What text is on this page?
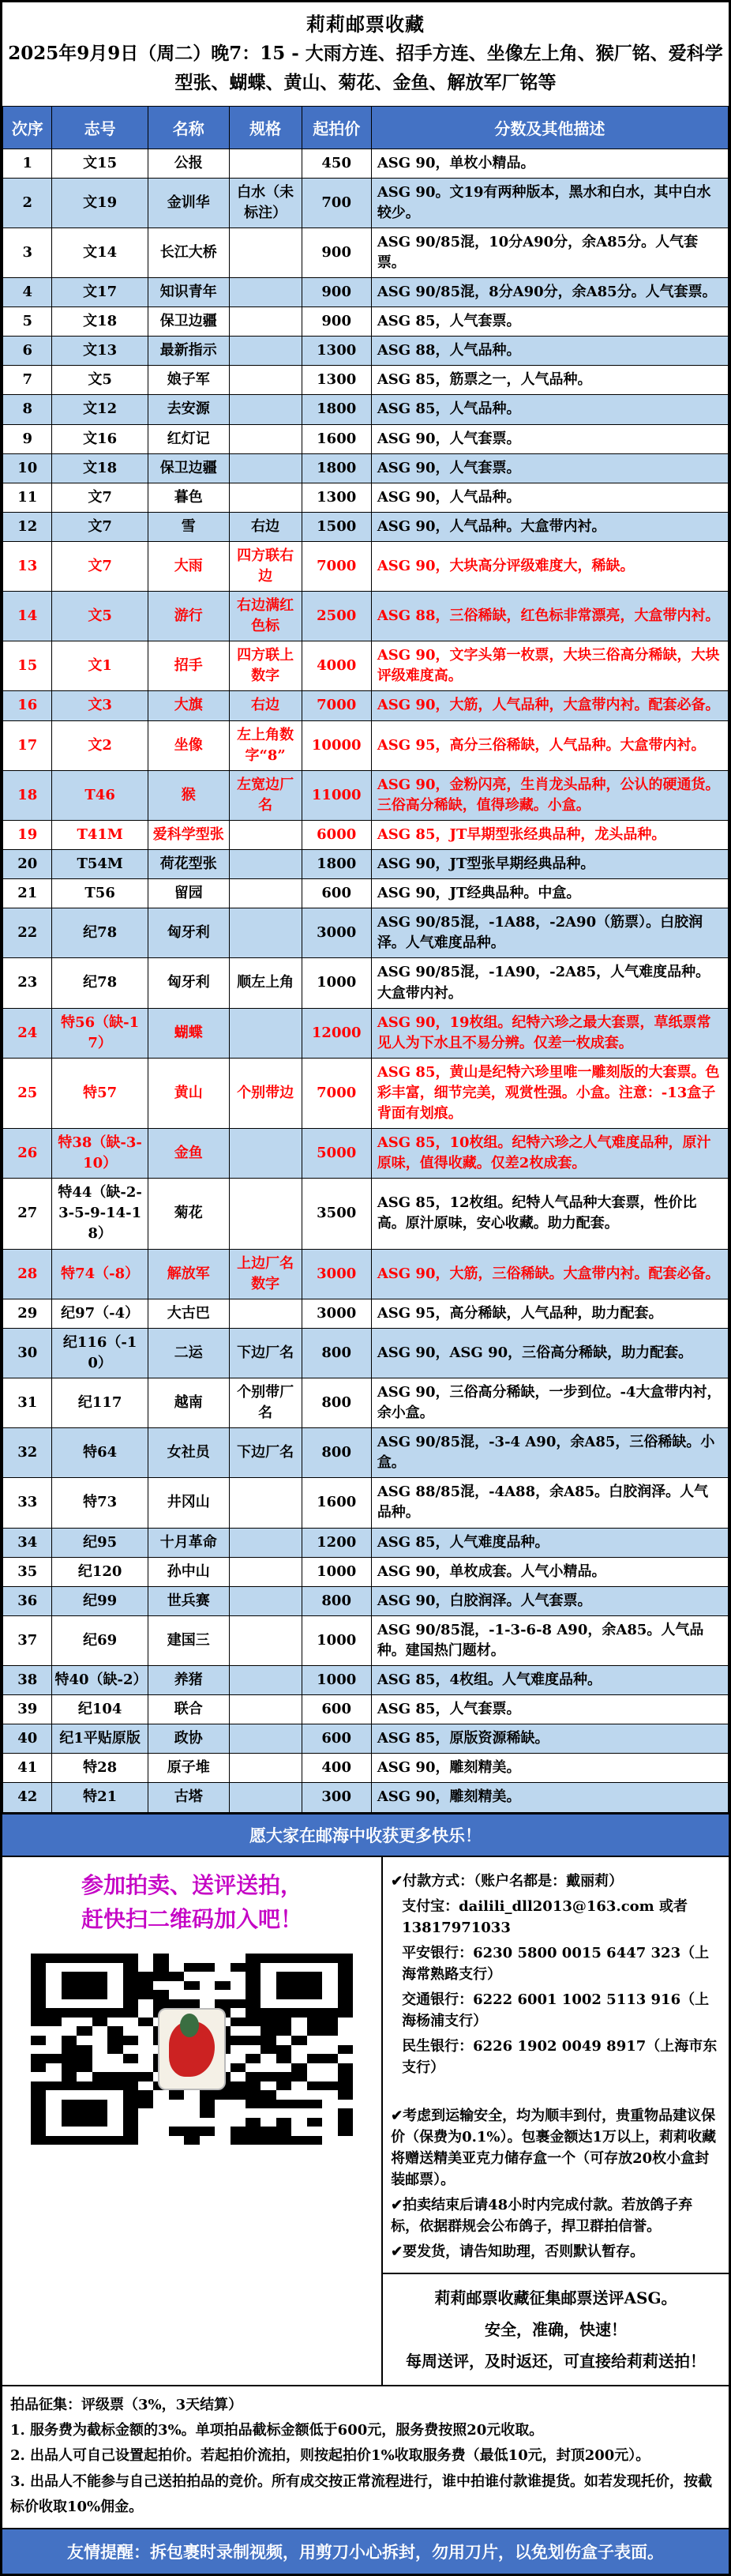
莉莉邮票收藏
2025年9月9日（周二）晚7：15 - 大雨方连、招手方连、坐像左上角、猴厂铭、爱科学型张、蝴蝶、黄山、菊花、金鱼、解放军厂铭等
次序	志号	名称	规格	起拍价	分数及其他描述
1	文15	公报		450	ASG 90，单枚小精品。
2	文19	金训华	白水（未标注）	700	ASG 90。文19有两种版本，黑水和白水，其中白水较少。
3	文14	长江大桥		900	ASG 90/85混，10分A90分，余A85分。人气套票。
4	文17	知识青年		900	ASG 90/85混，8分A90分，余A85分。人气套票。
5	文18	保卫边疆		900	ASG 85，人气套票。
6	文13	最新指示		1300	ASG 88，人气品种。
7	文5	娘子军		1300	ASG 85，筋票之一，人气品种。
8	文12	去安源		1800	ASG 85，人气品种。
9	文16	红灯记		1600	ASG 90，人气套票。
10	文18	保卫边疆		1800	ASG 90，人气套票。
11	文7	暮色		1300	ASG 90，人气品种。
12	文7	雪	右边	1500	ASG 90，人气品种。大盒带内衬。
13	文7	大雨	四方联右边	7000	ASG 90，大块高分评级难度大，稀缺。
14	文5	游行	右边满红色标	2500	ASG 88，三俗稀缺，红色标非常漂亮，大盒带内衬。
15	文1	招手	四方联上数字	4000	ASG 90，文字头第一枚票，大块三俗高分稀缺，大块评级难度高。
16	文3	大旗	右边	7000	ASG 90，大筋，人气品种，大盒带内衬。配套必备。
17	文2	坐像	左上角数字“8”	10000	ASG 95，高分三俗稀缺，人气品种。大盒带内衬。
18	T46	猴	左宽边厂名	11000	ASG 90，金粉闪亮，生肖龙头品种，公认的硬通货。三俗高分稀缺，值得珍藏。小盒。
19	T41M	爱科学型张		6000	ASG 85，JT早期型张经典品种，龙头品种。
20	T54M	荷花型张		1800	ASG 90，JT型张早期经典品种。
21	T56	留园		600	ASG 90，JT经典品种。中盒。
22	纪78	匈牙利		3000	ASG 90/85混，-1A88，-2A90（筋票）。白胶润泽。人气难度品种。
23	纪78	匈牙利	顺左上角	1000	ASG 90/85混，-1A90，-2A85，人气难度品种。大盒带内衬。
24	特56（缺-17）	蝴蝶		12000	ASG 90，19枚组。纪特六珍之最大套票，草纸票常见人为下水且不易分辨。仅差一枚成套。
25	特57	黄山	个别带边	7000	ASG 85，黄山是纪特六珍里唯一雕刻版的大套票。色彩丰富，细节完美，观赏性强。小盒。注意：-13盒子背面有划痕。
26	特38（缺-3-10）	金鱼		5000	ASG 85，10枚组。纪特六珍之人气难度品种，原汁原味，值得收藏。仅差2枚成套。
27	特44（缺-2-3-5-9-14-18）	菊花		3500	ASG 85，12枚组。纪特人气品种大套票，性价比高。原汁原味，安心收藏。助力配套。
28	特74（-8）	解放军	上边厂名数字	3000	ASG 90，大筋，三俗稀缺。大盒带内衬。配套必备。
29	纪97（-4）	大古巴		3000	ASG 95，高分稀缺，人气品种，助力配套。
30	纪116（-10）	二运	下边厂名	800	ASG 90，ASG 90，三俗高分稀缺，助力配套。
31	纪117	越南	个别带厂名	800	ASG 90，三俗高分稀缺，一步到位。-4大盒带内衬，余小盒。
32	特64	女社员	下边厂名	800	ASG 90/85混，-3-4 A90，余A85，三俗稀缺。小盒。
33	特73	井冈山		1600	ASG 88/85混，-4A88，余A85。白胶润泽。人气品种。
34	纪95	十月革命		1200	ASG 85，人气难度品种。
35	纪120	孙中山		1000	ASG 90，单枚成套。人气小精品。
36	纪99	世兵赛		800	ASG 90，白胶润泽。人气套票。
37	纪69	建国三		1000	ASG 90/85混，-1-3-6-8 A90，余A85。人气品种。建国热门题材。
38	特40（缺-2）	养猪		1000	ASG 85，4枚组。人气难度品种。
39	纪104	联合		600	ASG 85，人气套票。
40	纪1平贴原版	政协		600	ASG 85，原版资源稀缺。
41	特28	原子堆		400	ASG 90，雕刻精美。
42	特21	古塔		300	ASG 90，雕刻精美。
愿大家在邮海中收获更多快乐！
参加拍卖、送评送拍，
赶快扫二维码加入吧！

✔付款方式：（账户名都是：戴丽莉）

支付宝：dailili_dll2013@163.com 或者 13817971033

平安银行：6230 5800 0015 6447 323（上海常熟路支行）

交通银行：6222 6001 1002 5113 916（上海杨浦支行）

民生银行：6226 1902 0049 8917（上海市东支行）

✔考虑到运输安全，均为顺丰到付，贵重物品建议保价（保费为0.1%）。包裹金额达1万以上，莉莉收藏将赠送精美亚克力储存盒一个（可存放20枚小盒封装邮票）。

✔拍卖结束后请48小时内完成付款。若放鸽子弃标，依据群规会公布鸽子，捍卫群拍信誉。

✔要发货，请告知助理，否则默认暂存。

莉莉邮票收藏征集邮票送评ASG。
安全，准确，快速！
每周送评，及时返还，可直接给莉莉送拍！

拍品征集：评级票（3%，3天结算）

1. 服务费为截标金额的3%。单项拍品截标金额低于600元，服务费按照20元收取。

2. 出品人可自己设置起拍价。若起拍价流拍，则按起拍价1%收取服务费（最低10元，封顶200元）。

3. 出品人不能参与自己送拍拍品的竞价。所有成交按正常流程进行，谁中拍谁付款谁提货。如若发现托价，按截标价收取10%佣金。

友情提醒：拆包裹时录制视频，用剪刀小心拆封，勿用刀片，以免划伤盒子表面。
